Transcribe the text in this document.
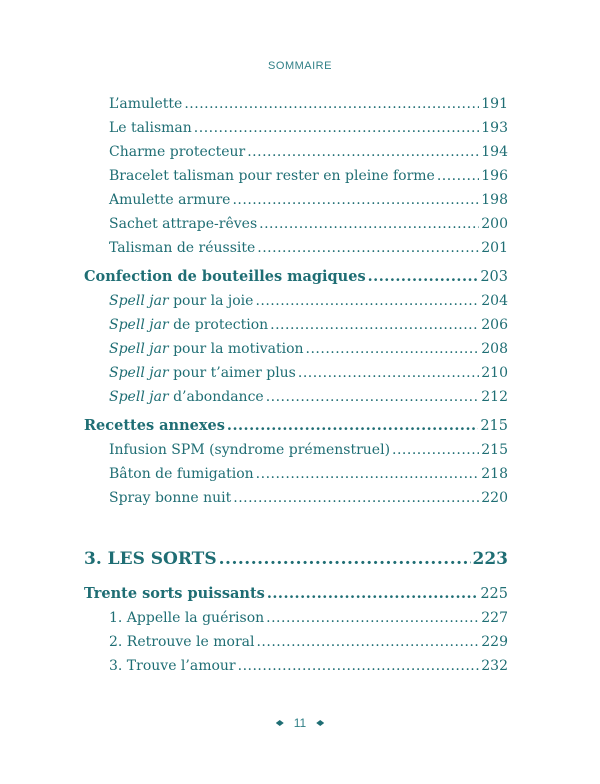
SOMMAIRE
L’amulette .....	191
Le talisman .....	193
Charme protecteur .....	194
Bracelet talisman pour rester en pleine forme .....	196
Amulette armure .....	198
Sachet attrape-rêves .....	200
Talisman de réussite .....	201
Confection de bouteilles magiques .....	203
Spell jar pour la joie .....	204
Spell jar de protection .....	206
Spell jar pour la motivation .....	208
Spell jar pour t’aimer plus .....	210
Spell jar d’abondance .....	212
Recettes annexes .....	215
Infusion SPM (syndrome prémenstruel) .....	215
Bâton de fumigation .....	218
Spray bonne nuit .....	220
3. LES SORTS .....	223
Trente sorts puissants .....	225
1. Appelle la guérison .....	227
2. Retrouve le moral .....	229
3. Trouve l’amour .....	232
11
